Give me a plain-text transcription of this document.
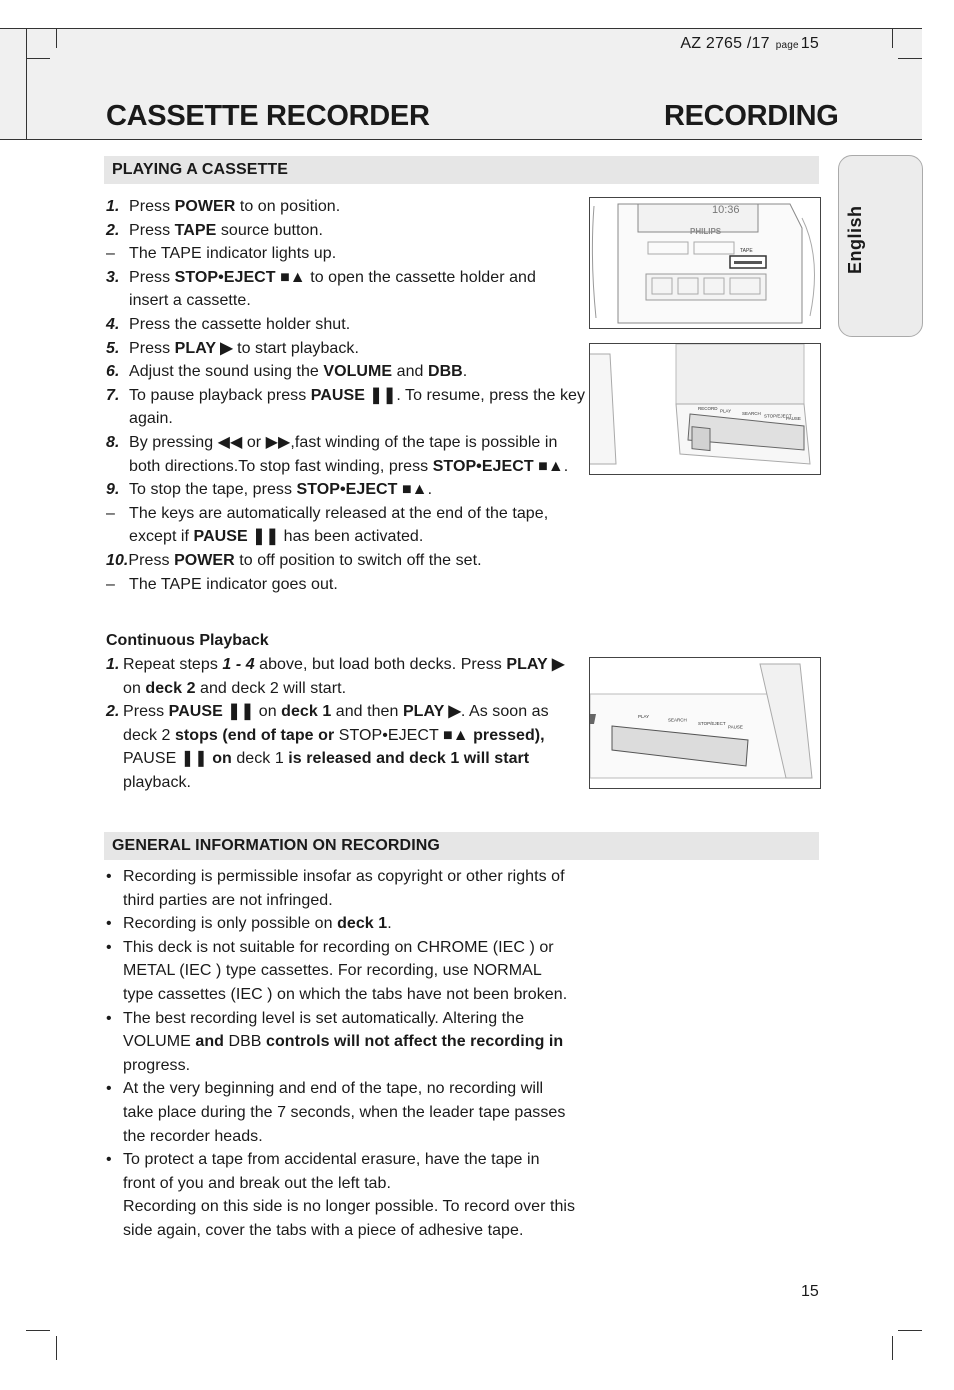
AZ 2765 /17 page 15
CASSETTE RECORDER	RECORDING
English
PLAYING A CASSETTE
1. Press POWER to on position.
2. Press TAPE source button.
– The TAPE indicator lights up.
3. Press STOP•EJECT ■▲ to open the cassette holder and
insert a cassette.
4. Press the cassette holder shut.
5. Press PLAY ▶ to start playback.
6. Adjust the sound using the VOLUME and DBB.
7. To pause playback press PAUSE ❚❚. To resume, press the key
again.
8. By pressing ◀◀ or ▶▶,fast winding of the tape is possible in
both directions.To stop fast winding, press STOP•EJECT ■▲.
9. To stop the tape, press STOP•EJECT ■▲.
– The keys are automatically released at the end of the tape,
except if PAUSE ❚❚ has been activated.
10.Press POWER to off position to switch off the set.
– The TAPE indicator goes out.
Continuous Playback
1. Repeat steps 1 - 4 above, but load both decks. Press PLAY ▶
on deck 2 and deck 2 will start.
2. Press PAUSE ❚❚ on deck 1 and then PLAY ▶. As soon as
deck 2 stops (end of tape or STOP•EJECT ■▲ pressed),
PAUSE ❚❚ on deck 1 is released and deck 1 will start
playback.
GENERAL INFORMATION ON RECORDING
• Recording is permissible insofar as copyright or other rights of
third parties are not infringed.
• Recording is only possible on deck 1.
• This deck is not suitable for recording on CHROME (IEC ) or
METAL (IEC ) type cassettes. For recording, use NORMAL
type cassettes (IEC ) on which the tabs have not been broken.
• The best recording level is set automatically. Altering the
VOLUME and DBB controls will not affect the recording in
progress.
• At the very beginning and end of the tape, no recording will
take place during the 7 seconds, when the leader tape passes
the recorder heads.
• To protect a tape from accidental erasure, have the tape in
front of you and break out the left tab.
Recording on this side is no longer possible. To record over this
side again, cover the tabs with a piece of adhesive tape.
10:36
PHILIPS
TAPE
RECORD PLAY SEARCH STOP/EJECT
PAUSE
PLAY
SEARCH
STOP/EJECT
PAUSE
15
